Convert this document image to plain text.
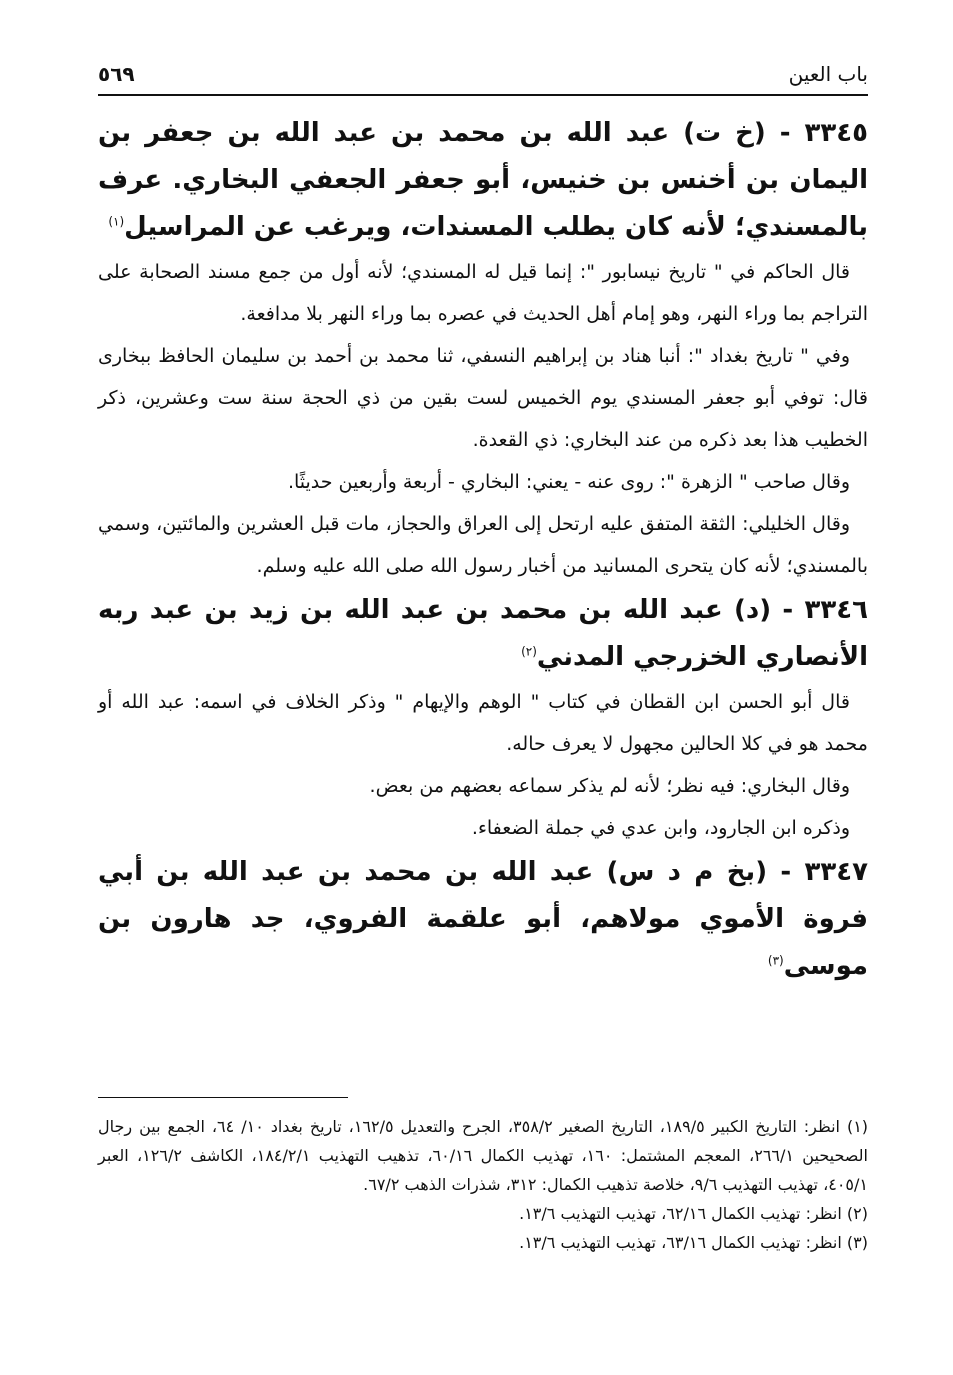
باب العين
٥٦٩

٣٣٤٥ - (خ ت) عبد الله بن محمد بن عبد الله بن جعفر بن اليمان بن أخنس بن خنيس، أبو جعفر الجعفي البخاري. عرف بالمسندي؛ لأنه كان يطلب المسندات، ويرغب عن المراسيل$^{(١)}$

قال الحاكم في " تاريخ نيسابور ": إنما قيل له المسندي؛ لأنه أول من جمع مسند الصحابة على التراجم بما وراء النهر، وهو إمام أهل الحديث في عصره بما وراء النهر بلا مدافعة.

وفي " تاريخ بغداد ": أنبا هناد بن إبراهيم النسفي، ثنا محمد بن أحمد بن سليمان الحافظ ببخارى قال: توفي أبو جعفر المسندي يوم الخميس لست بقين من ذي الحجة سنة ست وعشرين، ذكر الخطيب هذا بعد ذكره من عند البخاري: ذي القعدة.

وقال صاحب " الزهرة ": روى عنه - يعني: البخاري - أربعة وأربعين حديثًا.

وقال الخليلي: الثقة المتفق عليه ارتحل إلى العراق والحجاز، مات قبل العشرين والمائتين، وسمي بالمسندي؛ لأنه كان يتحرى المسانيد من أخبار رسول الله صلى الله عليه وسلم.

٣٣٤٦ - (د) عبد الله بن محمد بن عبد الله بن زيد بن عبد ربه الأنصاري الخزرجي المدني$^{(٢)}$

قال أبو الحسن ابن القطان في كتاب " الوهم والإيهام " وذكر الخلاف في اسمه: عبد الله أو محمد هو في كلا الحالين مجهول لا يعرف حاله.

وقال البخاري: فيه نظر؛ لأنه لم يذكر سماعه بعضهم من بعض.

وذكره ابن الجارود، وابن عدي في جملة الضعفاء.

٣٣٤٧ - (بخ م د س) عبد الله بن محمد بن عبد الله بن أبي فروة الأموي مولاهم، أبو علقمة الفروي، جد هارون بن موسى$^{(٣)}$

(١) انظر: التاريخ الكبير ١٨٩/٥، التاريخ الصغير ٣٥٨/٢، الجرح والتعديل ١٦٢/٥، تاريخ بغداد ١٠/ ٦٤، الجمع بين رجال الصحيحين ٢٦٦/١، المعجم المشتمل: ١٦٠، تهذيب الكمال ٦٠/١٦، تذهيب التهذيب ١٨٤/٢/١، الكاشف ١٢٦/٢، العبر ٤٠٥/١، تهذيب التهذيب ٩/٦، خلاصة تذهيب الكمال: ٣١٢، شذرات الذهب ٦٧/٢.

(٢) انظر: تهذيب الكمال ٦٢/١٦، تهذيب التهذيب ١٣/٦.

(٣) انظر: تهذيب الكمال ٦٣/١٦، تهذيب التهذيب ١٣/٦.
